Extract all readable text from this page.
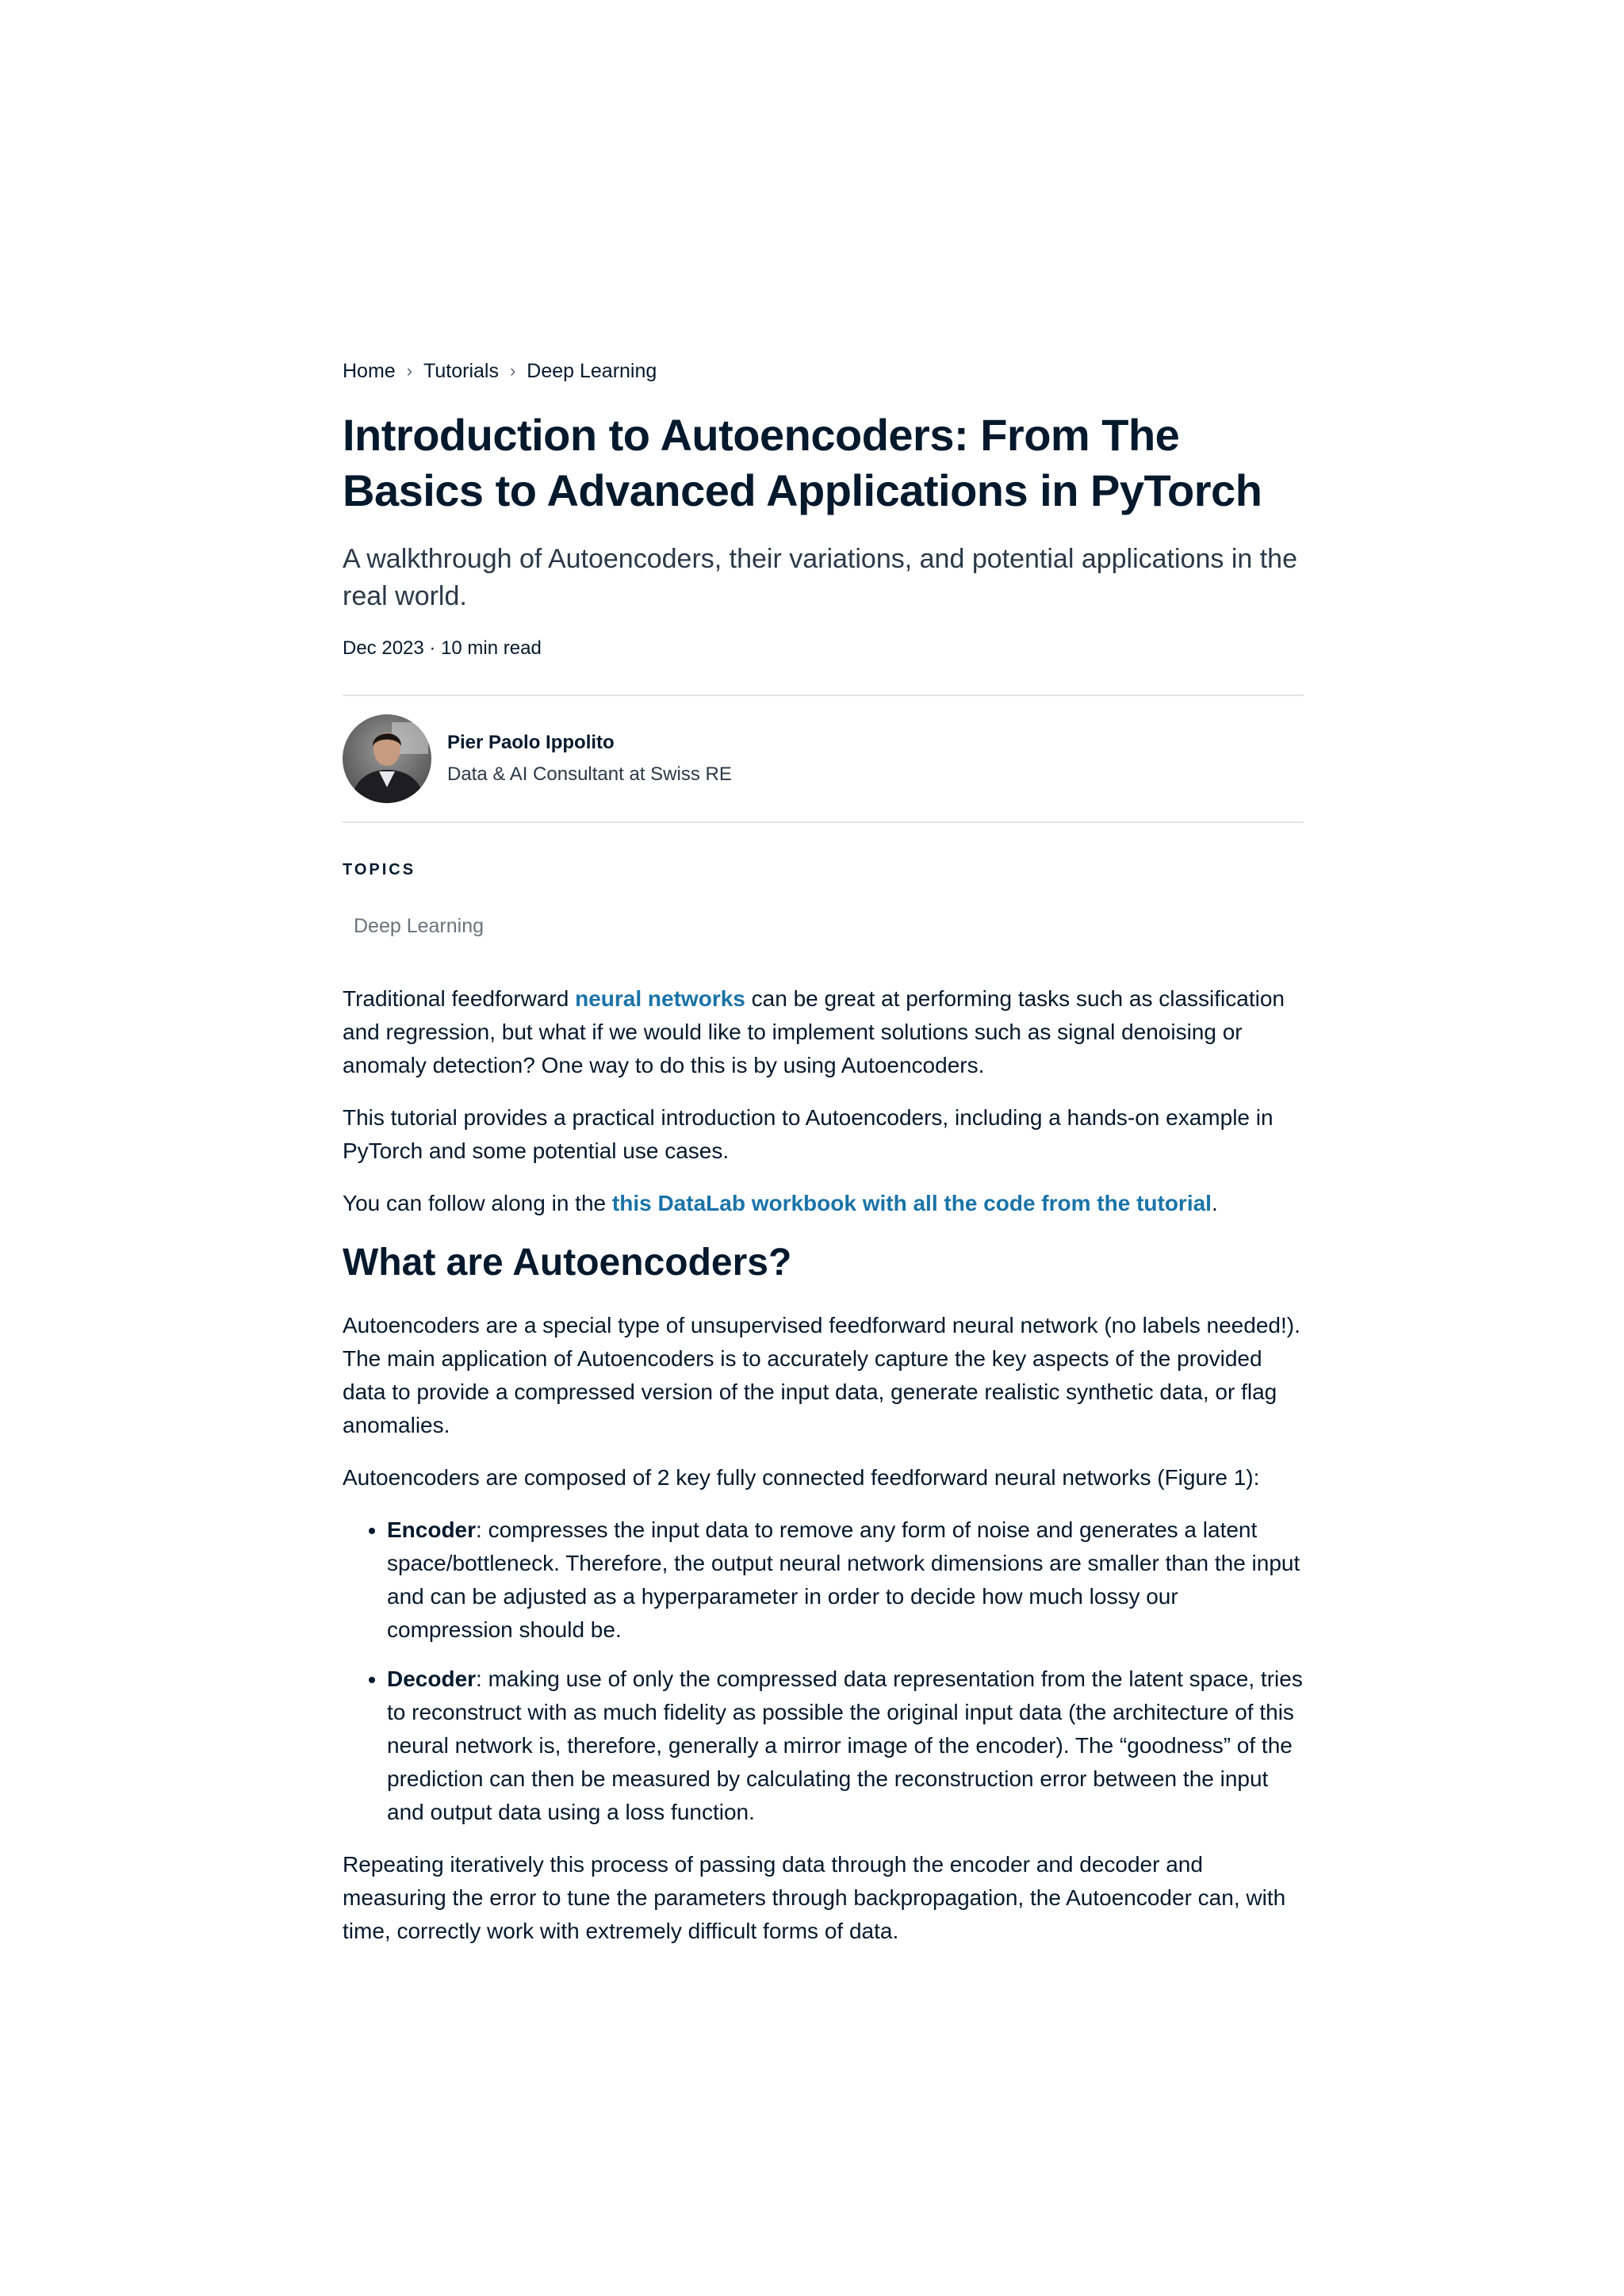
Home › Tutorials › Deep Learning
Introduction to Autoencoders: From The Basics to Advanced Applications in PyTorch

A walkthrough of Autoencoders, their variations, and potential applications in the real world.

Dec 2023 · 10 min read
Pier Paolo Ippolito
Data & AI Consultant at Swiss RE
TOPICS
Deep Learning

Traditional feedforward neural networks can be great at performing tasks such as classification and regression, but what if we would like to implement solutions such as signal denoising or anomaly detection? One way to do this is by using Autoencoders.

This tutorial provides a practical introduction to Autoencoders, including a hands-on example in PyTorch and some potential use cases.

You can follow along in the this DataLab workbook with all the code from the tutorial.

What are Autoencoders?

Autoencoders are a special type of unsupervised feedforward neural network (no labels needed!). The main application of Autoencoders is to accurately capture the key aspects of the provided data to provide a compressed version of the input data, generate realistic synthetic data, or flag anomalies.

Autoencoders are composed of 2 key fully connected feedforward neural networks (Figure 1):

• Encoder: compresses the input data to remove any form of noise and generates a latent space/bottleneck. Therefore, the output neural network dimensions are smaller than the input and can be adjusted as a hyperparameter in order to decide how much lossy our compression should be.
• Decoder: making use of only the compressed data representation from the latent space, tries to reconstruct with as much fidelity as possible the original input data (the architecture of this neural network is, therefore, generally a mirror image of the encoder). The “goodness” of the prediction can then be measured by calculating the reconstruction error between the input and output data using a loss function.

Repeating iteratively this process of passing data through the encoder and decoder and measuring the error to tune the parameters through backpropagation, the Autoencoder can, with time, correctly work with extremely difficult forms of data.
